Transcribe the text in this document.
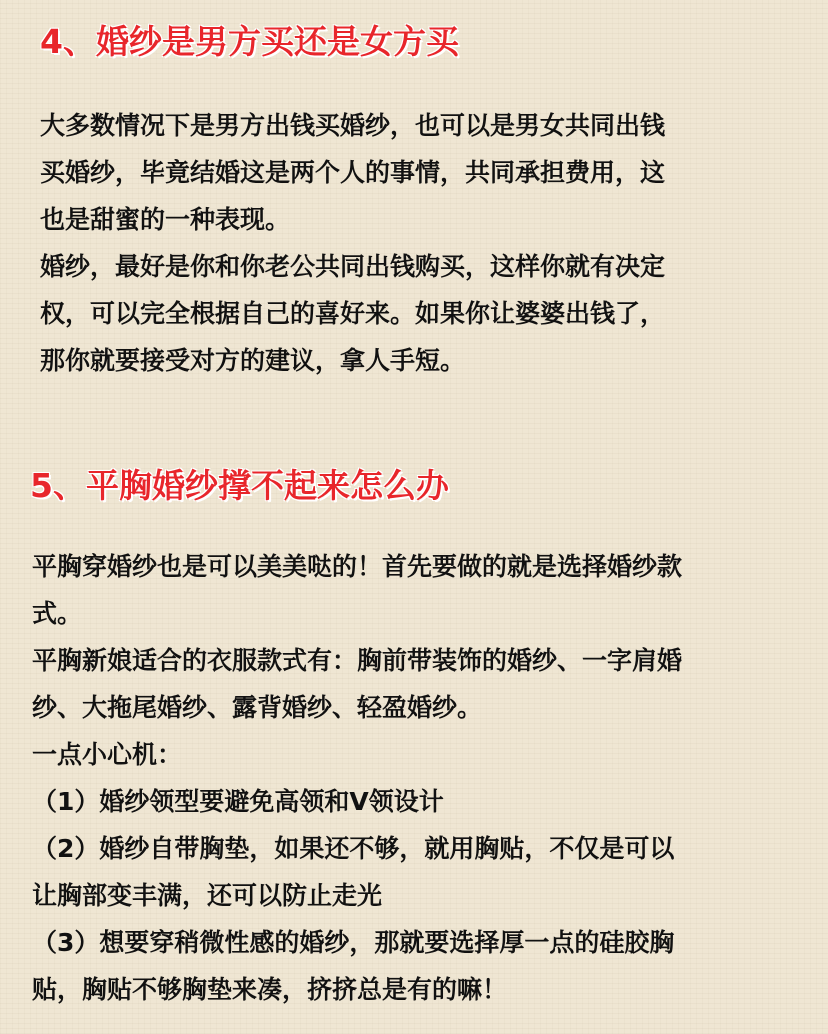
4、婚纱是男方买还是女方买
大多数情况下是男方出钱买婚纱，也可以是男女共同出钱
买婚纱，毕竟结婚这是两个人的事情，共同承担费用，这
也是甜蜜的一种表现。
婚纱，最好是你和你老公共同出钱购买，这样你就有决定
权，可以完全根据自己的喜好来。如果你让婆婆出钱了，
那你就要接受对方的建议，拿人手短。
5、平胸婚纱撑不起来怎么办
平胸穿婚纱也是可以美美哒的！首先要做的就是选择婚纱款
式。
平胸新娘适合的衣服款式有：胸前带装饰的婚纱、一字肩婚
纱、大拖尾婚纱、露背婚纱、轻盈婚纱。
一点小心机：
（1）婚纱领型要避免高领和V领设计
（2）婚纱自带胸垫，如果还不够，就用胸贴，不仅是可以
让胸部变丰满，还可以防止走光
（3）想要穿稍微性感的婚纱，那就要选择厚一点的硅胶胸
贴，胸贴不够胸垫来凑，挤挤总是有的嘛！
